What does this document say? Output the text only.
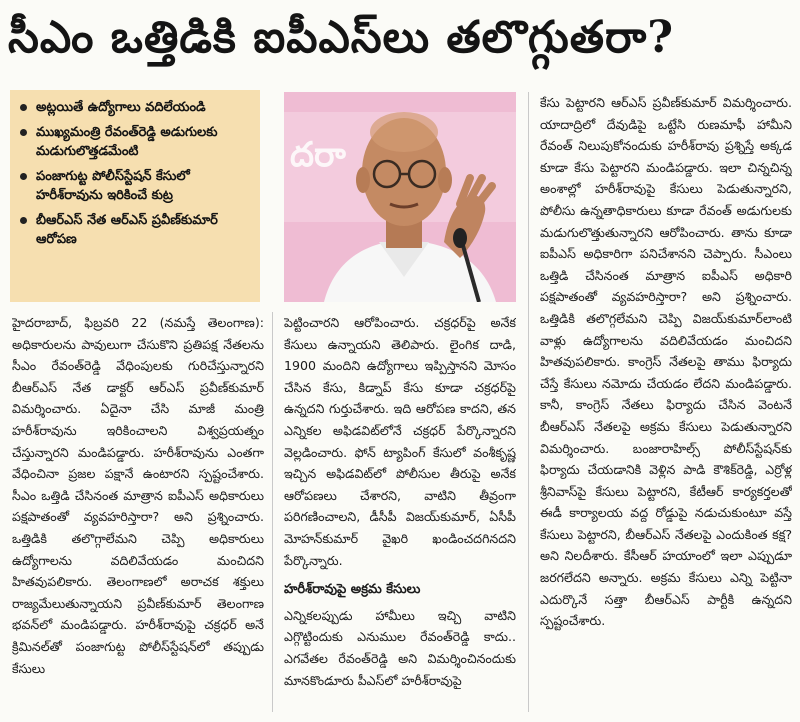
సీఎం ఒత్తిడికి ఐపీఎస్‌లు తలొగ్గుతరా?
అట్లయితే ఉద్యోగాలు వదిలేయండి
ముఖ్యమంత్రి రేవంత్‌రెడ్డి అడుగులకు మడుగులొత్తడమేంటి
పంజాగుట్ట పోలీస్‌స్టేషన్‌ కేసులో హరీశ్‌రావును ఇరికించే కుట్ర
బీఆర్‌ఎస్‌ నేత ఆర్‌ఎస్‌ ప్రవీణ్‌కుమార్‌ ఆరోపణ
దరా

హైదరాబాద్‌, ఫిబ్రవరి 22 (నమస్తే తెలంగాణ): అధికారులను పావులుగా చేసుకొని ప్రతిపక్ష నేతలను సీఎం రేవంత్‌రెడ్డి వేధింపులకు గురిచేస్తున్నారని బీఆర్‌ఎస్‌ నేత డాక్టర్‌ ఆర్‌ఎస్‌ ప్రవీణ్‌కుమార్‌ విమర్శించారు. ఏదైనా చేసి మాజీ మంత్రి హరీశ్‌రావును ఇరికించాలని విశ్వప్రయత్నం చేస్తున్నారని మండిపడ్డారు. హరీశ్‌రావును ఎంతగా వేధించినా ప్రజల పక్షానే ఉంటారని స్పష్టంచేశారు. సీఎం ఒత్తిడి చేసినంత మాత్రాన ఐపీఎస్‌ అధికారులు పక్షపాతంతో వ్యవహరిస్తారా? అని ప్రశ్నించారు. ఒత్తిడికి తలొగ్గాలేమని చెప్పి అధికారులు ఉద్యోగాలను వదిలివేయడం మంచిదని హితవుపలికారు. తెలంగాణలో అరాచక శక్తులు రాజ్యమేలుతున్నాయని ప్రవీణ్‌కుమార్‌ తెలంగాణ భవన్‌లో మండిపడ్డారు. హరీశ్‌రావుపై చక్రధర్‌ అనే క్రిమినల్‌తో పంజాగుట్ట పోలీస్‌స్టేషన్‌లో తప్పుడు కేసులు

పెట్టించారని ఆరోపించారు. చక్రధర్‌పై అనేక కేసులు ఉన్నాయని తెలిపారు. లైంగిక దాడి, 1900 మందిని ఉద్యోగాలు ఇప్పిస్తానని మోసం చేసిన కేసు, కిడ్నాప్‌ కేసు కూడా చక్రధర్‌పై ఉన్నదని గుర్తుచేశారు. ఇది ఆరోపణ కాదని, తన ఎన్నికల అఫిడవిట్‌లోనే చక్రధర్‌ పేర్కొన్నారని వెల్లడించారు. ఫోన్‌ ట్యాపింగ్‌ కేసులో వంశీకృష్ణ ఇచ్చిన అఫిడవిట్‌లో పోలీసుల తీరుపై అనేక ఆరోపణలు చేశారని, వాటిని తీవ్రంగా పరిగణించాలని, డీసీపీ విజయ్‌కుమార్‌, ఏసీపీ మోహన్‌కుమార్‌ వైఖరి ఖండించదగినదని పేర్కొన్నారు.

హరీశ్‌రావుపై అక్రమ కేసులు

ఎన్నికలప్పుడు హామీలు ఇచ్చి వాటిని ఎగ్గొట్టిందుకు ఎనుముల రేవంత్‌రెడ్డి కాదు.. ఎగవేతల రేవంత్‌రెడ్డి అని విమర్శించినందుకు మానకొండూరు పీఎస్‌లో హరీశ్‌రావుపై

కేసు పెట్టారని ఆర్‌ఎస్‌ ప్రవీణ్‌కుమార్‌ విమర్శించారు. యాదాద్రిలో దేవుడిపై ఒట్టేసి రుణమాఫీ హామీని రేవంత్‌ నిలుపుకోనందుకు హరీశ్‌రావు ప్రశ్నిస్తే అక్కడ కూడా కేసు పెట్టారని మండిపడ్డారు. ఇలా చిన్నచిన్న అంశాల్లో హరీశ్‌రావుపై కేసులు పెడుతున్నారని, పోలీసు ఉన్నతాధికారులు కూడా రేవంత్‌ అడుగులకు మడుగులొత్తుతున్నారని ఆరోపించారు. తాను కూడా ఐపీఎస్‌ అధికారిగా పనిచేశానని చెప్పారు. సీఎంలు ఒత్తిడి చేసినంత మాత్రాన ఐపీఎస్‌ అధికారి పక్షపాతంతో వ్యవహరిస్తారా? అని ప్రశ్నించారు. ఒత్తిడికి తలొగ్గలేమని చెప్పి విజయ్‌కుమార్‌లాంటి వాళ్లు ఉద్యోగాలను వదిలివేయడం మంచిదని హితవుపలికారు. కాంగ్రెస్‌ నేతలపై తాము ఫిర్యాదు చేస్తే కేసులు నమోదు చేయడం లేదని మండిపడ్డారు. కానీ, కాంగ్రెస్‌ నేతలు ఫిర్యాదు చేసిన వెంటనే బీఆర్‌ఎస్‌ నేతలపై అక్రమ కేసులు పెడుతున్నారని విమర్శించారు. బంజారాహిల్స్‌ పోలీస్‌స్టేషన్‌కు ఫిర్యాదు చేయడానికి వెళ్లిన పాడి కౌశిక్‌రెడ్డి, ఎర్రోళ్ల శ్రీనివాస్‌పై కేసులు పెట్టారని, కేటీఆర్‌ కార్యకర్తలతో ఈడీ కార్యాలయ వద్ద రోడ్డుపై నడుచుకుంటూ వస్తే కేసులు పెట్టారని, బీఆర్‌ఎస్‌ నేతలపై ఎందుకింత కక్ష? అని నిలదీశారు. కేసీఆర్‌ హయాంలో ఇలా ఎప్పుడూ జరగలేదని అన్నారు. అక్రమ కేసులు ఎన్ని పెట్టినా ఎదుర్కొనే సత్తా బీఆర్‌ఎస్‌ పార్టీకి ఉన్నదని స్పష్టంచేశారు.
